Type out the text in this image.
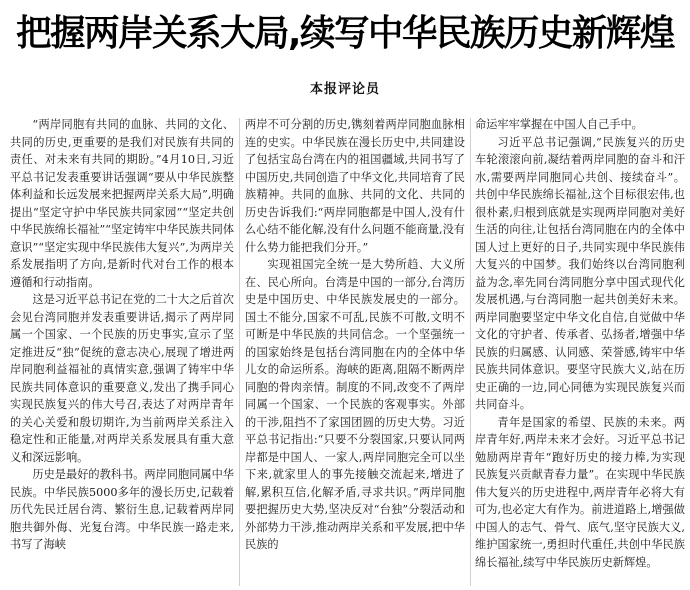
把握两岸关系大局,续写中华民族历史新辉煌
本报评论员

“两岸同胞有共同的血脉、共同的文化、共同的历史,更重要的是我们对民族有共同的责任、对未来有共同的期盼。”4月10日,习近平总书记发表重要讲话强调“要从中华民族整体利益和长远发展来把握两岸关系大局”,明确提出“坚定守护中华民族共同家园”“坚定共创中华民族绵长福祉”“坚定铸牢中华民族共同体意识”“坚定实现中华民族伟大复兴”,为两岸关系发展指明了方向,是新时代对台工作的根本遵循和行动指南。

这是习近平总书记在党的二十大之后首次会见台湾同胞并发表重要讲话,揭示了两岸同属一个国家、一个民族的历史事实,宣示了坚定推进反“独”促统的意志决心,展现了增进两岸同胞利益福祉的真情实意,强调了铸牢中华民族共同体意识的重要意义,发出了携手同心实现民族复兴的伟大号召,表达了对两岸青年的关心关爱和殷切期许,为当前两岸关系注入稳定性和正能量,对两岸关系发展具有重大意义和深远影响。

历史是最好的教科书。两岸同胞同属中华民族。中华民族5000多年的漫长历史,记载着历代先民迁居台湾、繁衍生息,记载着两岸同胞共御外侮、光复台湾。中华民族一路走来,书写了海峡

两岸不可分割的历史,镌刻着两岸同胞血脉相连的史实。中华民族在漫长历史中,共同建设了包括宝岛台湾在内的祖国疆域,共同书写了中国历史,共同创造了中华文化,共同培育了民族精神。共同的血脉、共同的文化、共同的历史告诉我们:“两岸同胞都是中国人,没有什么心结不能化解,没有什么问题不能商量,没有什么势力能把我们分开。”

实现祖国完全统一是大势所趋、大义所在、民心所向。台湾是中国的一部分,台湾历史是中国历史、中华民族发展史的一部分。国土不能分,国家不可乱,民族不可散,文明不可断是中华民族的共同信念。一个坚强统一的国家始终是包括台湾同胞在内的全体中华儿女的命运所系。海峡的距离,阻隔不断两岸同胞的骨肉亲情。制度的不同,改变不了两岸同属一个国家、一个民族的客观事实。外部的干涉,阻挡不了家国团圆的历史大势。习近平总书记指出:“只要不分裂国家,只要认同两岸都是中国人、一家人,两岸同胞完全可以坐下来,就家里人的事先接触交流起来,增进了解,累积互信,化解矛盾,寻求共识。”两岸同胞要把握历史大势,坚决反对“台独”分裂活动和外部势力干涉,推动两岸关系和平发展,把中华民族的

命运牢牢掌握在中国人自己手中。

习近平总书记强调,“民族复兴的历史车轮滚滚向前,凝结着两岸同胞的奋斗和汗水,需要两岸同胞同心共创、接续奋斗”。共创中华民族绵长福祉,这个目标很宏伟,也很朴素,归根到底就是实现两岸同胞对美好生活的向往,让包括台湾同胞在内的全体中国人过上更好的日子,共同实现中华民族伟大复兴的中国梦。我们始终以台湾同胞利益为念,率先同台湾同胞分享中国式现代化发展机遇,与台湾同胞一起共创美好未来。两岸同胞要坚定中华文化自信,自觉做中华文化的守护者、传承者、弘扬者,增强中华民族的归属感、认同感、荣誉感,铸牢中华民族共同体意识。要坚守民族大义,站在历史正确的一边,同心同德为实现民族复兴而共同奋斗。

青年是国家的希望、民族的未来。两岸青年好,两岸未来才会好。习近平总书记勉励两岸青年“跑好历史的接力棒,为实现民族复兴贡献青春力量”。在实现中华民族伟大复兴的历史进程中,两岸青年必将大有可为,也必定大有作为。前进道路上,增强做中国人的志气、骨气、底气,坚守民族大义,维护国家统一,勇担时代重任,共创中华民族绵长福祉,续写中华民族历史新辉煌。
